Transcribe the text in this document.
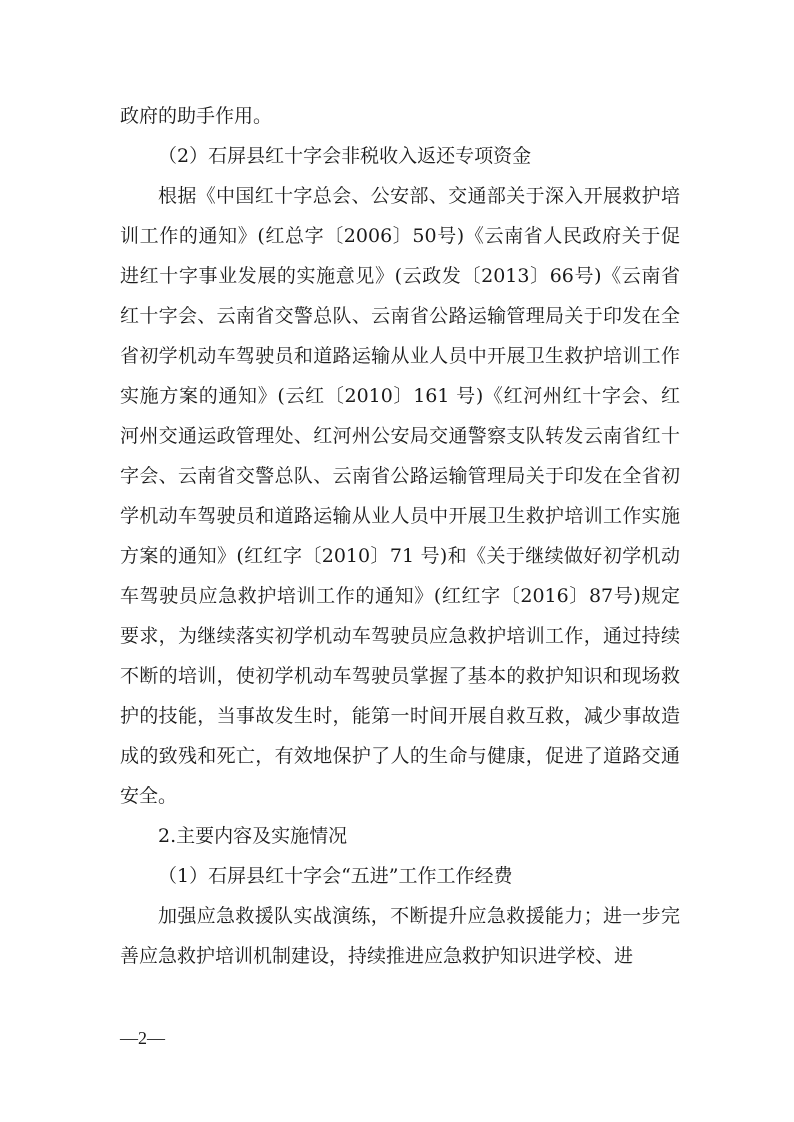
政府的助手作用。

（2）石屏县红十字会非税收入返还专项资金

根据《中国红十字总会、公安部、交通部关于深入开展救护培训工作的通知》(红总字〔2006〕50号)《云南省人民政府关于促进红十字事业发展的实施意见》(云政发〔2013〕66号)《云南省红十字会、云南省交警总队、云南省公路运输管理局关于印发在全省初学机动车驾驶员和道路运输从业人员中开展卫生救护培训工作实施方案的通知》(云红〔2010〕161 号)《红河州红十字会、红河州交通运政管理处、红河州公安局交通警察支队转发云南省红十字会、云南省交警总队、云南省公路运输管理局关于印发在全省初学机动车驾驶员和道路运输从业人员中开展卫生救护培训工作实施方案的通知》(红红字〔2010〕71 号)和《关于继续做好初学机动车驾驶员应急救护培训工作的通知》(红红字〔2016〕87号)规定要求，为继续落实初学机动车驾驶员应急救护培训工作，通过持续不断的培训，使初学机动车驾驶员掌握了基本的救护知识和现场救护的技能，当事故发生时，能第一时间开展自救互救，减少事故造成的致残和死亡，有效地保护了人的生命与健康，促进了道路交通安全。

2.主要内容及实施情况

（1）石屏县红十字会“五进”工作工作经费

加强应急救援队实战演练，不断提升应急救援能力；进一步完善应急救护培训机制建设，持续推进应急救护知识进学校、进

—2—
